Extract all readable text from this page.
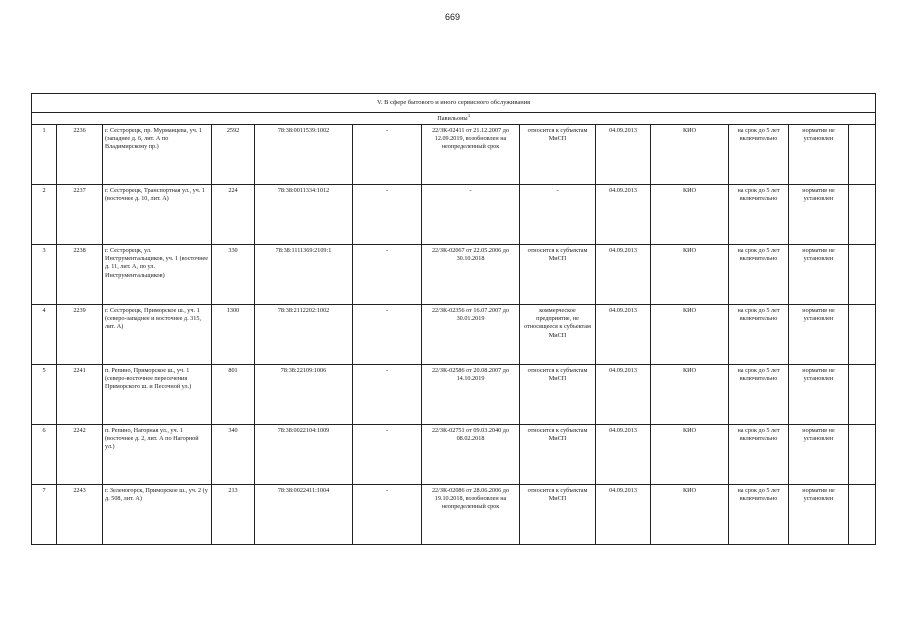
669
V. В сфере бытового и иного сервисного обслуживания												
Павильоны$^3$
1	2236	г. Сестрорецк, пр. Мурманцева, уч. 1 (западнее д. 6, лит. А по Владимирскому пр.)	2592	78:38:0011539:1002	-	22/ЗК-02411 от 21.12.2007 до 12.09.2019, возобновлен на неопределенный срок	относится к субъектам МиСП	04.09.2013	КИО	на срок до 5 лет включительно	норматив не установлен	
2	2237	г. Сестрорецк, Транспортная ул., уч. 1 (восточнее д. 10, лит. А)	224	78:38:0011334:1012	-	-	-	04.09.2013	КИО	на срок до 5 лет включительно	норматив не установлен	
3	2238	г. Сестрорецк, ул. Инструментальщиков, уч. 1 (восточнее д. 11, лит. А, по ул. Инструментальщиков)	330	78:38:1111369:2109:1	-	22/ЗК-02067 от 22.05.2006 до 30.10.2018	относится к субъектам МиСП	04.09.2013	КИО	на срок до 5 лет включительно	норматив не установлен	
4	2239	г. Сестрорецк, Приморское ш., уч. 1 (северо-западнее и восточнее д. 315, лит. А)	1300	78:38:2112202:1002	-	22/ЗК-02356 от 16.07.2007 до 30.01.2019	коммерческое предприятие, не относящееся к субъектам МиСП	04.09.2013	КИО	на срок до 5 лет включительно	норматив не установлен	
5	2241	п. Репино, Приморское ш., уч. 1 (северо-восточнее пересечения Приморского ш. и Песочной ул.)	801	78:38:22109:1006	-	22/ЗК-02586 от 20.08.2007 до 14.10.2019	относится к субъектам МиСП	04.09.2013	КИО	на срок до 5 лет включительно	норматив не установлен	
6	2242	п. Репино, Нагорная ул., уч. 1 (восточнее д. 2, лит. А по Нагорной ул.)	340	78:38:0022104:1009	-	22/ЗК-02751 от 09.03.2040 до 08.02.2018	относится к субъектам МиСП	04.09.2013	КИО	на срок до 5 лет включительно	норматив не установлен	
7	2243	г. Зеленогорск, Приморское ш., уч. 2 (у д. 508, лит. А)	213	78:38:0022411:1004	-	22/ЗК-02086 от 28.06.2006 до 19.10.2018, возобновлен на неопределенный срок	относится к субъектам МиСП	04.09.2013	КИО	на срок до 5 лет включительно	норматив не установлен	
